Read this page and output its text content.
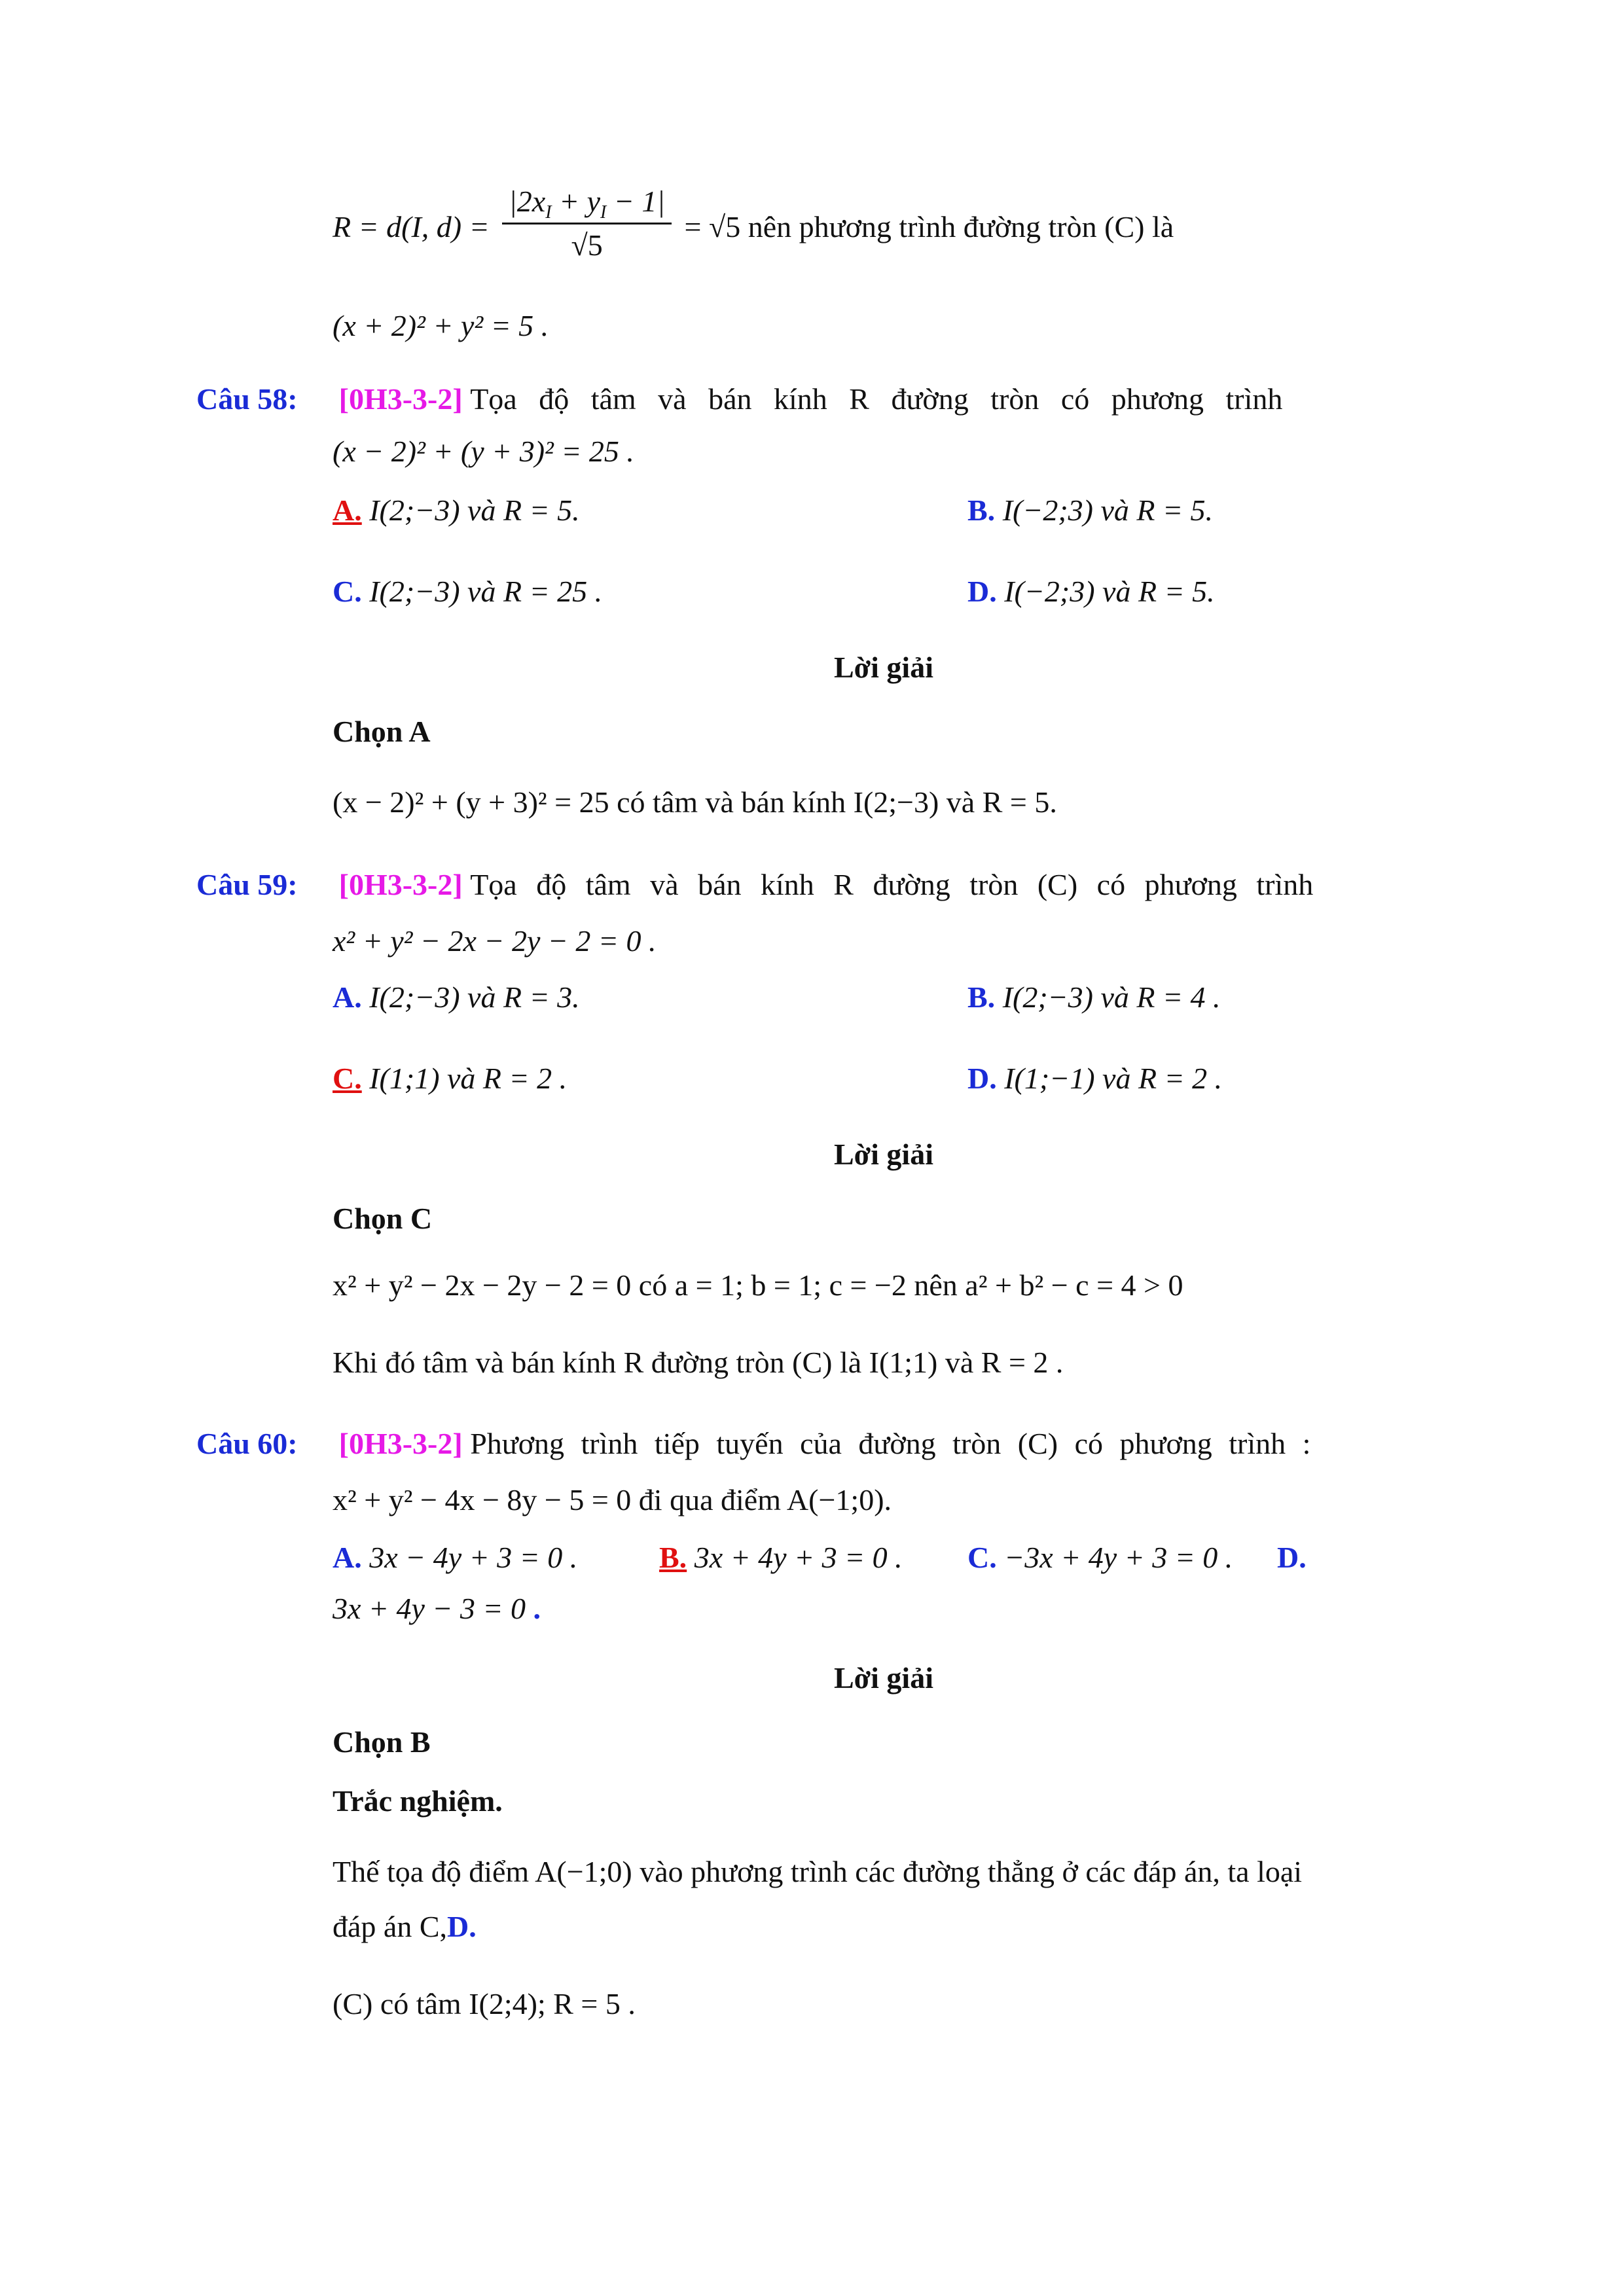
R = d(I, $d) = \frac{|2x_I + y_I - 1|}{√5} = √5$ nên phương trình đường tròn (C) là
(x + 2)² + y² = 5 .
Câu 58: [0H3-3-2] Tọa độ tâm và bán kính R đường tròn có phương trình
(x − 2)² + (y + 3)² = 25 .
A. I(2;−3) và R = 5.	B. I(−2;3) và R = 5.
C. I(2;−3) và R = 25 .	D. I(−2;3) và R = 5.
Lời giải
Chọn A
(x − 2)² + (y + 3)² = 25 có tâm và bán kính I(2;−3) và R = 5.
Câu 59: [0H3-3-2] Tọa độ tâm và bán kính R đường tròn (C) có phương trình
x² + y² − 2x − 2y − 2 = 0 .
A. I(2;−3) và R = 3.	B. I(2;−3) và R = 4 .
C. I(1;1) và R = 2 .	D. I(1;−1) và R = 2 .
Lời giải
Chọn C
x² + y² − 2x − 2y − 2 = 0 có a = 1; b = 1; c = −2 nên a² + b² − c = 4 > 0
Khi đó tâm và bán kính R đường tròn (C) là I(1;1) và R = 2 .
Câu 60: [0H3-3-2] Phương trình tiếp tuyến của đường tròn (C) có phương trình :
x² + y² − 4x − 8y − 5 = 0 đi qua điểm A(−1;0).
A. 3x − 4y + 3 = 0 .	B. 3x + 4y + 3 = 0 . C. −3x + 4y + 3 = 0 . D.
3x + 4y − 3 = 0 .
Lời giải
Chọn B
Trắc nghiệm.
Thế tọa độ điểm A(−1;0) vào phương trình các đường thẳng ở các đáp án, ta loại
đáp án C,D.
(C) có tâm I(2;4); R = 5 .
